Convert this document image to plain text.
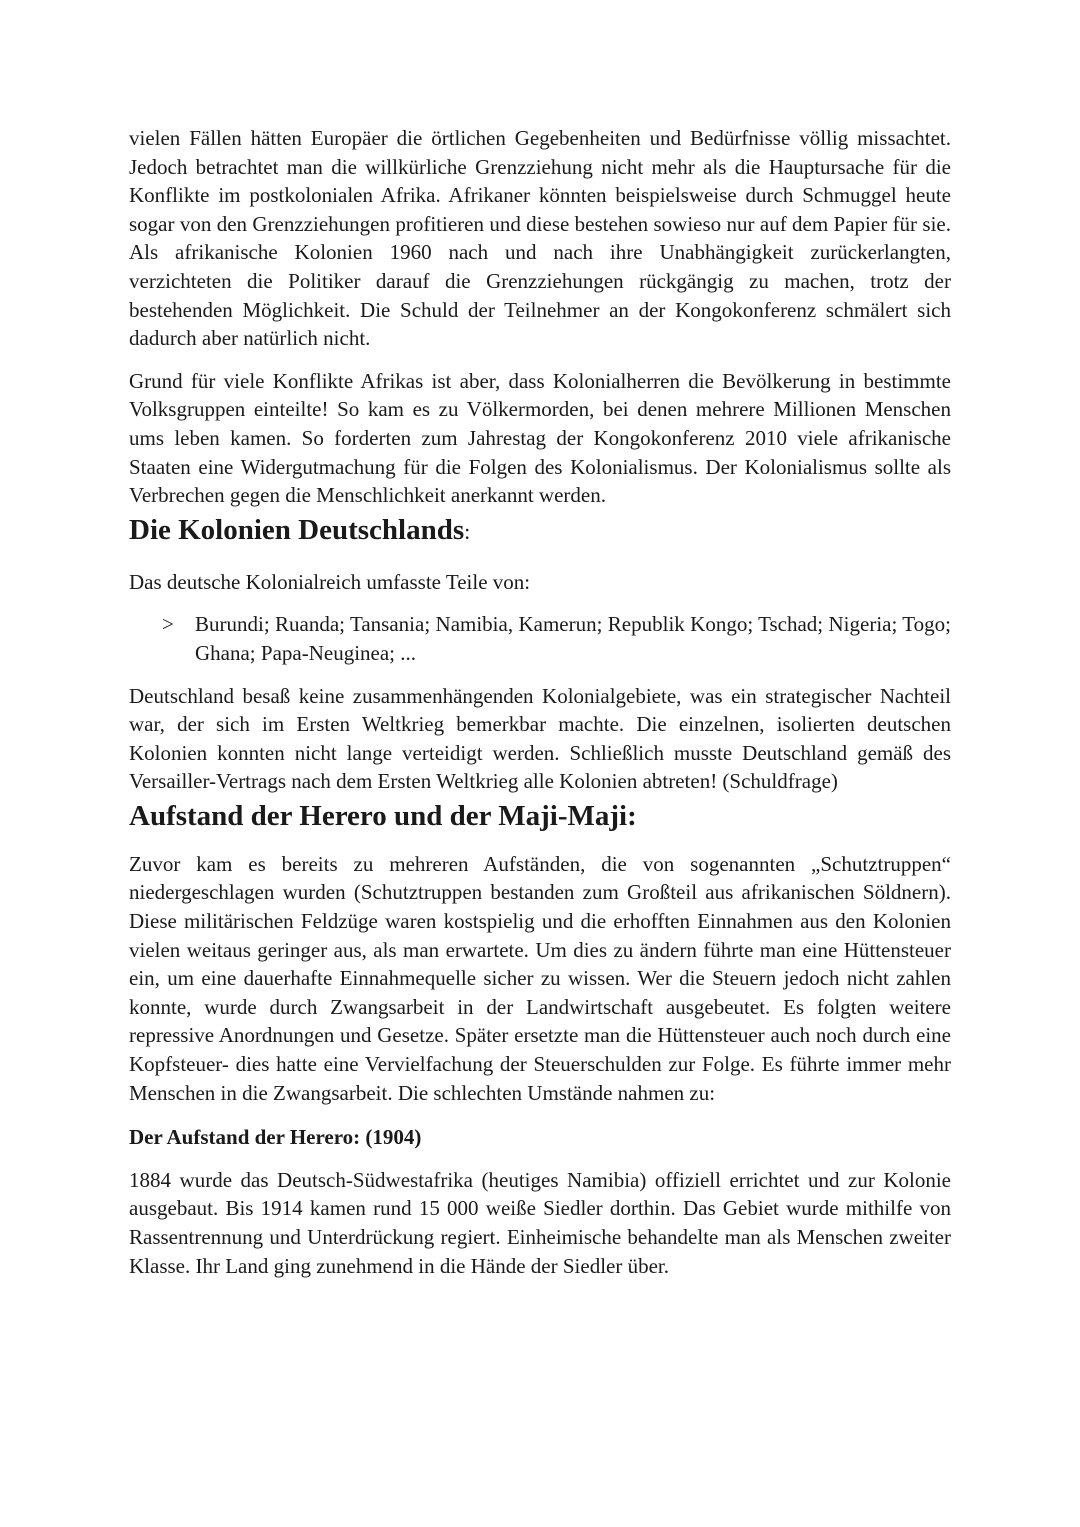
vielen Fällen hätten Europäer die örtlichen Gegebenheiten und Bedürfnisse völlig missachtet. Jedoch betrachtet man die willkürliche Grenzziehung nicht mehr als die Hauptursache für die Konflikte im postkolonialen Afrika. Afrikaner könnten beispielsweise durch Schmuggel heute sogar von den Grenzziehungen profitieren und diese bestehen sowieso nur auf dem Papier für sie. Als afrikanische Kolonien 1960 nach und nach ihre Unabhängigkeit zurückerlangten, verzichteten die Politiker darauf die Grenzziehungen rückgängig zu machen, trotz der bestehenden Möglichkeit. Die Schuld der Teilnehmer an der Kongokonferenz schmälert sich dadurch aber natürlich nicht.

Grund für viele Konflikte Afrikas ist aber, dass Kolonialherren die Bevölkerung in bestimmte Volksgruppen einteilte! So kam es zu Völkermorden, bei denen mehrere Millionen Menschen ums leben kamen. So forderten zum Jahrestag der Kongokonferenz 2010 viele afrikanische Staaten eine Widergutmachung für die Folgen des Kolonialismus. Der Kolonialismus sollte als Verbrechen gegen die Menschlichkeit anerkannt werden.

Die Kolonien Deutschlands:

Das deutsche Kolonialreich umfasste Teile von:

> Burundi; Ruanda; Tansania; Namibia, Kamerun; Republik Kongo; Tschad; Nigeria; Togo; Ghana; Papa-Neuginea; ...

Deutschland besaß keine zusammenhängenden Kolonialgebiete, was ein strategischer Nachteil war, der sich im Ersten Weltkrieg bemerkbar machte. Die einzelnen, isolierten deutschen Kolonien konnten nicht lange verteidigt werden. Schließlich musste Deutschland gemäß des Versailler-Vertrags nach dem Ersten Weltkrieg alle Kolonien abtreten! (Schuldfrage)

Aufstand der Herero und der Maji-Maji:

Zuvor kam es bereits zu mehreren Aufständen, die von sogenannten „Schutztruppen“ niedergeschlagen wurden (Schutztruppen bestanden zum Großteil aus afrikanischen Söldnern). Diese militärischen Feldzüge waren kostspielig und die erhofften Einnahmen aus den Kolonien vielen weitaus geringer aus, als man erwartete. Um dies zu ändern führte man eine Hüttensteuer ein, um eine dauerhafte Einnahmequelle sicher zu wissen. Wer die Steuern jedoch nicht zahlen konnte, wurde durch Zwangsarbeit in der Landwirtschaft ausgebeutet. Es folgten weitere repressive Anordnungen und Gesetze. Später ersetzte man die Hüttensteuer auch noch durch eine Kopfsteuer- dies hatte eine Vervielfachung der Steuerschulden zur Folge. Es führte immer mehr Menschen in die Zwangsarbeit. Die schlechten Umstände nahmen zu:

Der Aufstand der Herero: (1904)

1884 wurde das Deutsch-Südwestafrika (heutiges Namibia) offiziell errichtet und zur Kolonie ausgebaut. Bis 1914 kamen rund 15 000 weiße Siedler dorthin. Das Gebiet wurde mithilfe von Rassentrennung und Unterdrückung regiert. Einheimische behandelte man als Menschen zweiter Klasse. Ihr Land ging zunehmend in die Hände der Siedler über.
